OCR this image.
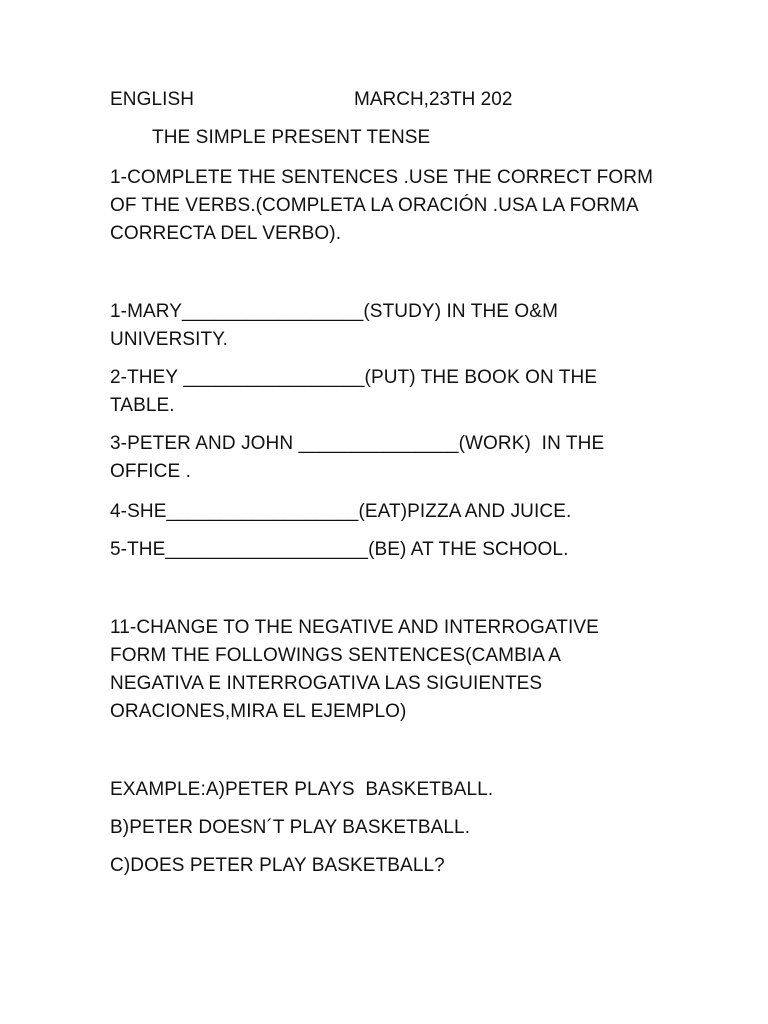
ENGLISH	MARCH,23TH 202
THE SIMPLE PRESENT TENSE
1-COMPLETE THE SENTENCES .USE THE CORRECT FORM
OF THE VERBS.(COMPLETA LA ORACIÓN .USA LA FORMA
CORRECTA DEL VERBO).
1-MARY_________________(STUDY) IN THE O&M
UNIVERSITY.
2-THEY _________________(PUT) THE BOOK ON THE
TABLE.
3-PETER AND JOHN _______________(WORK)  IN THE
OFFICE .
4-SHE__________________(EAT)PIZZA AND JUICE.
5-THE___________________(BE) AT THE SCHOOL.
11-CHANGE TO THE NEGATIVE AND INTERROGATIVE
FORM THE FOLLOWINGS SENTENCES(CAMBIA A
NEGATIVA E INTERROGATIVA LAS SIGUIENTES
ORACIONES,MIRA EL EJEMPLO)
EXAMPLE:A)PETER PLAYS  BASKETBALL.
B)PETER DOESN´T PLAY BASKETBALL.
C)DOES PETER PLAY BASKETBALL?
